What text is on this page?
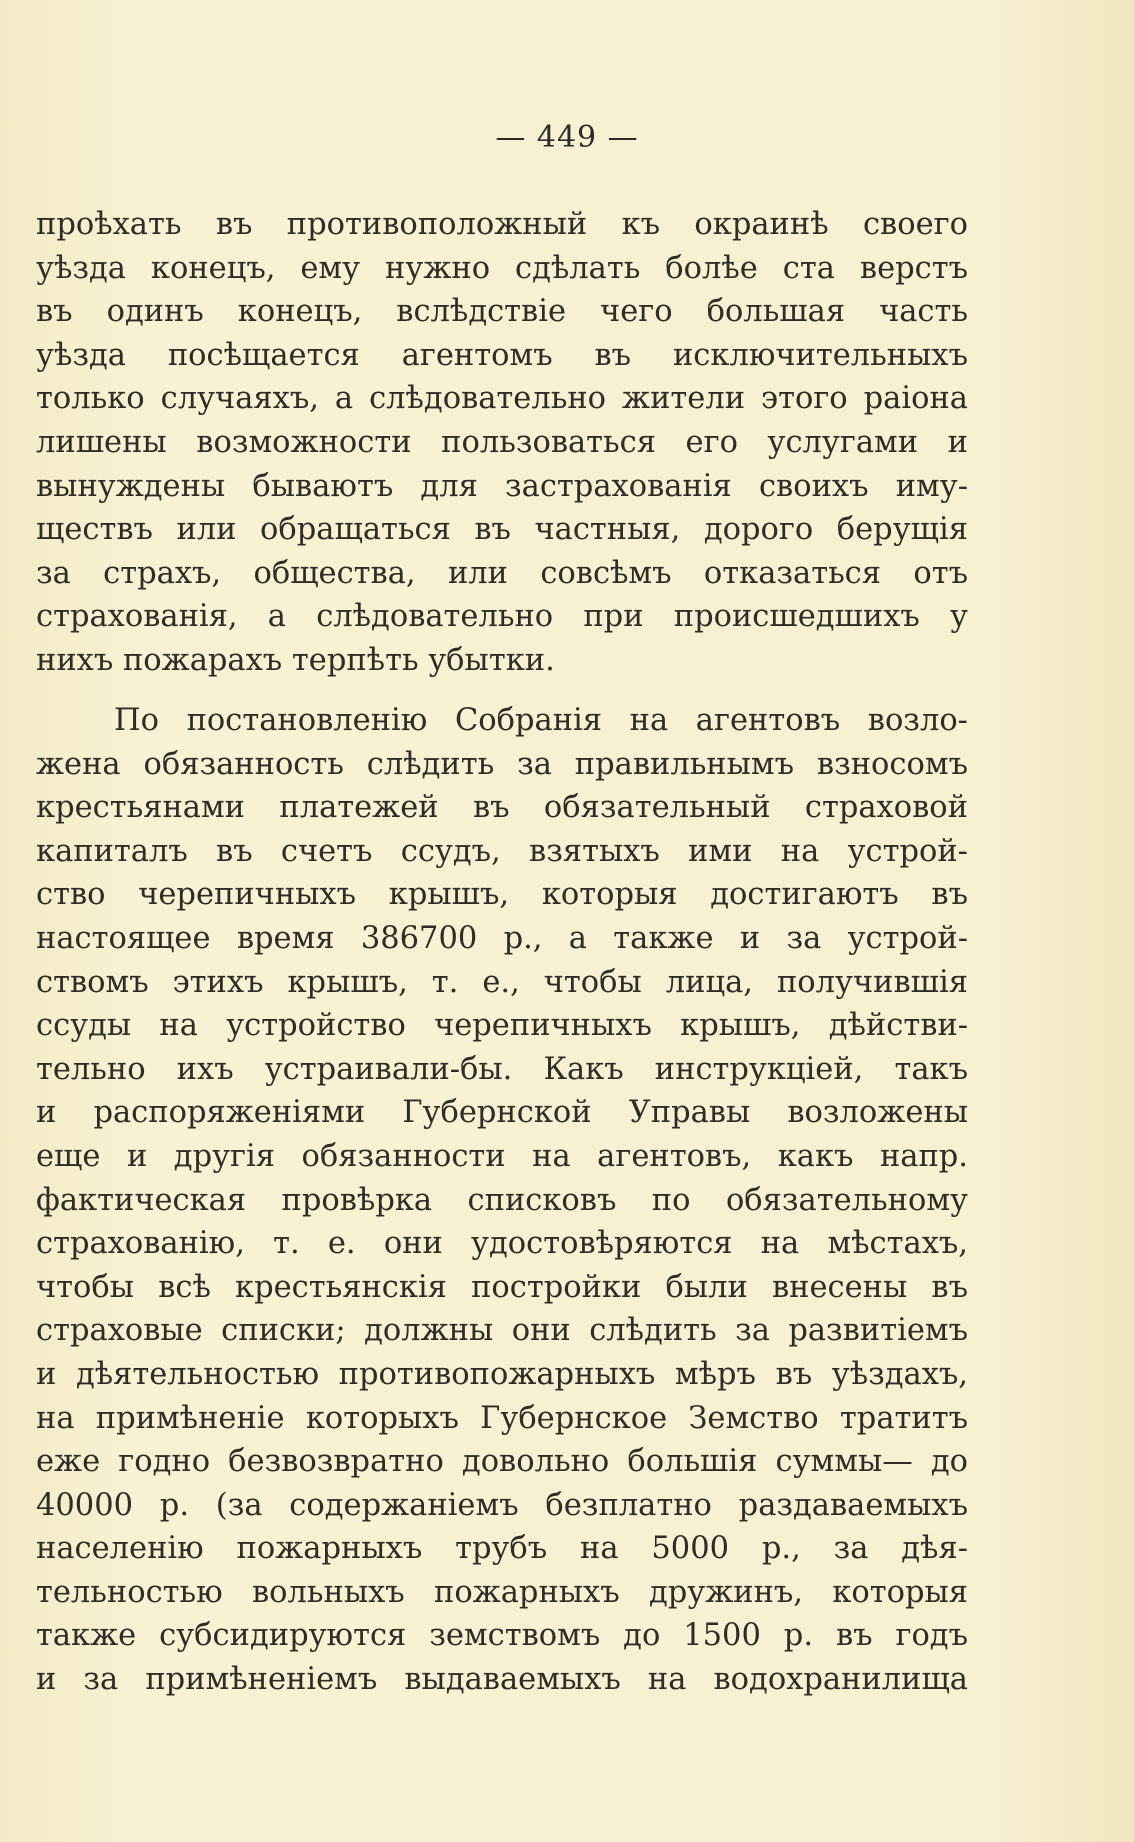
— 449 —
проѣхать въ противоположный къ окраинѣ своего
уѣзда конецъ, ему нужно сдѣлать болѣе ста верстъ
въ одинъ конецъ, вслѣдствіе чего большая часть
уѣзда посѣщается агентомъ въ исключительныхъ
только случаяхъ, а слѣдовательно жители этого раіона
лишены возможности пользоваться его услугами и
вынуждены бываютъ для застрахованія своихъ иму-
ществъ или обращаться въ частныя, дорого берущія
за страхъ, общества, или совсѣмъ отказаться отъ
страхованія, а слѣдовательно при происшедшихъ у
нихъ пожарахъ терпѣть убытки.
По постановленію Собранія на агентовъ возло-
жена обязанность слѣдить за правильнымъ взносомъ
крестьянами платежей въ обязательный страховой
капиталъ въ счетъ ссудъ, взятыхъ ими на устрой-
ство черепичныхъ крышъ, которыя достигаютъ въ
настоящее время 386700 р., а также и за устрой-
ствомъ этихъ крышъ, т. е., чтобы лица, получившія
ссуды на устройство черепичныхъ крышъ, дѣйстви-
тельно ихъ устраивали-бы. Какъ инструкціей, такъ
и распоряженіями Губернской Управы возложены
еще и другія обязанности на агентовъ, какъ напр.
фактическая провѣрка списковъ по обязательному
страхованію, т. е. они удостовѣряются на мѣстахъ,
чтобы всѣ крестьянскія постройки были внесены въ
страховые списки; должны они слѣдить за развитіемъ
и дѣятельностью противопожарныхъ мѣръ въ уѣздахъ,
на примѣненіе которыхъ Губернское Земство тратитъ
еже годно безвозвратно довольно большія суммы— до
40000 р. (за содержаніемъ безплатно раздаваемыхъ
населенію пожарныхъ трубъ на 5000 р., за дѣя-
тельностью вольныхъ пожарныхъ дружинъ, которыя
также субсидируются земствомъ до 1500 р. въ годъ
и за примѣненіемъ выдаваемыхъ на водохранилища
